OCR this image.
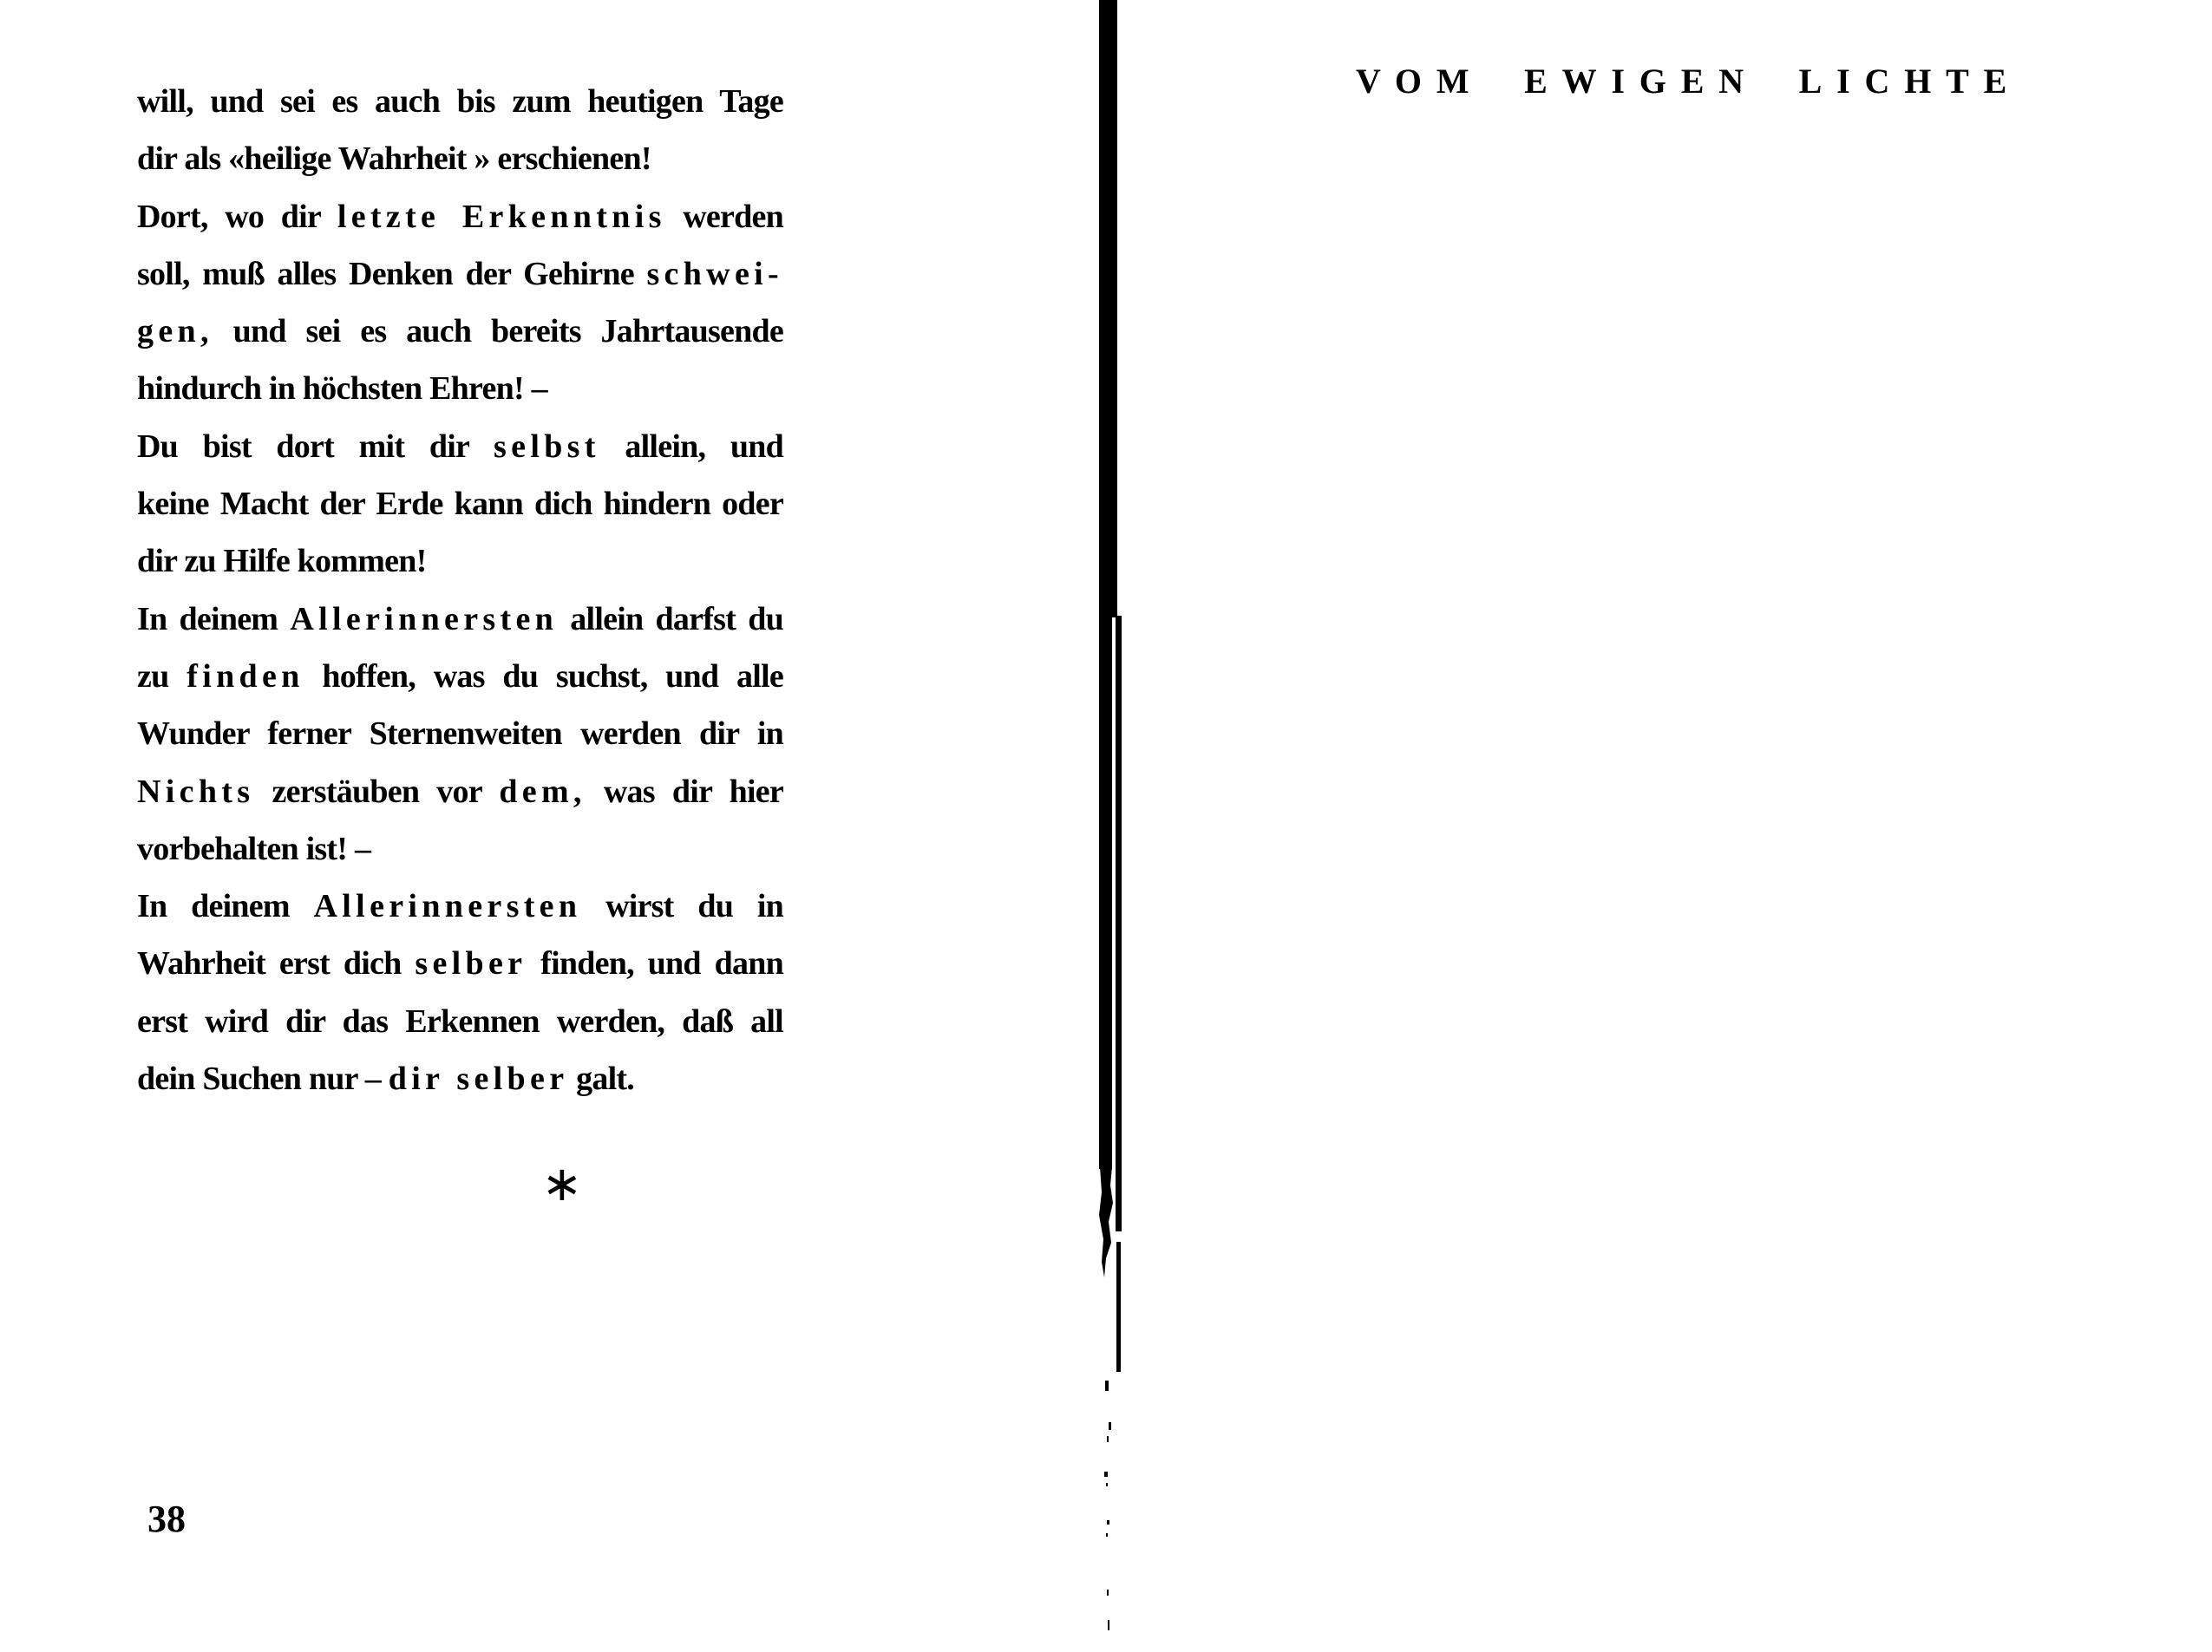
will, und sei es auch bis zum heutigen Tage
dir als «heilige Wahrheit » erschienen!
Dort, wo dir letzte Erkenntnis werden
soll, muß alles Denken der Gehirne schwei-
gen, und sei es auch bereits Jahrtausende
hindurch in höchsten Ehren! –
Du bist dort mit dir selbst allein, und
keine Macht der Erde kann dich hindern oder
dir zu Hilfe kommen!
In deinem Allerinnersten allein darfst du
zu finden hoffen, was du suchst, und alle
Wunder ferner Sternenweiten werden dir in
Nichts zerstäuben vor dem, was dir hier
vorbehalten ist! –
In deinem Allerinnersten wirst du in
Wahrheit erst dich selber finden, und dann
erst wird dir das Erkennen werden, daß all
dein Suchen nur – dir selber galt.
∗
38
VOM EWIGEN LICHTE
